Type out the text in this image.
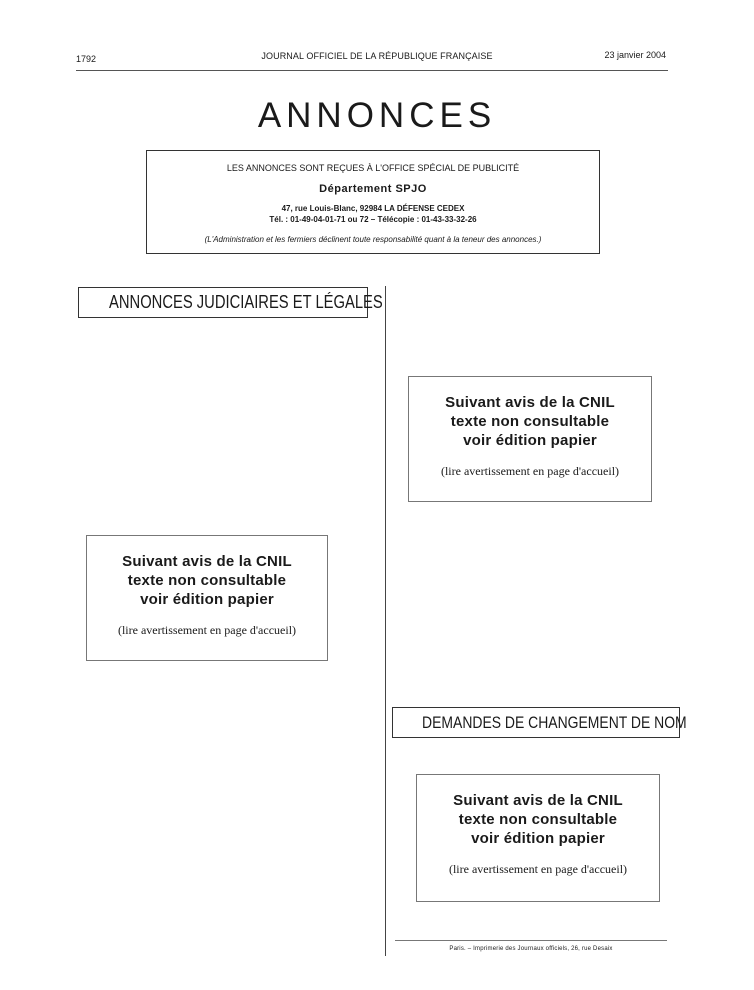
1792	JOURNAL OFFICIEL DE LA RÉPUBLIQUE FRANÇAISE	23 janvier 2004
ANNONCES
LES ANNONCES SONT REÇUES À L'OFFICE SPÉCIAL DE PUBLICITÉ
Département SPJO
47, rue Louis-Blanc, 92984 LA DÉFENSE CEDEX
Tél. : 01-49-04-01-71 ou 72 – Télécopie : 01-43-33-32-26
(L'Administration et les fermiers déclinent toute responsabilité quant à la teneur des annonces.)
ANNONCES JUDICIAIRES ET LÉGALES
Suivant avis de la CNIL
texte non consultable
voir édition papier
(lire avertissement en page d'accueil)
Suivant avis de la CNIL
texte non consultable
voir édition papier
(lire avertissement en page d'accueil)
DEMANDES DE CHANGEMENT DE NOM
Suivant avis de la CNIL
texte non consultable
voir édition papier
(lire avertissement en page d'accueil)
Paris. – Imprimerie des Journaux officiels, 26, rue Desaix
